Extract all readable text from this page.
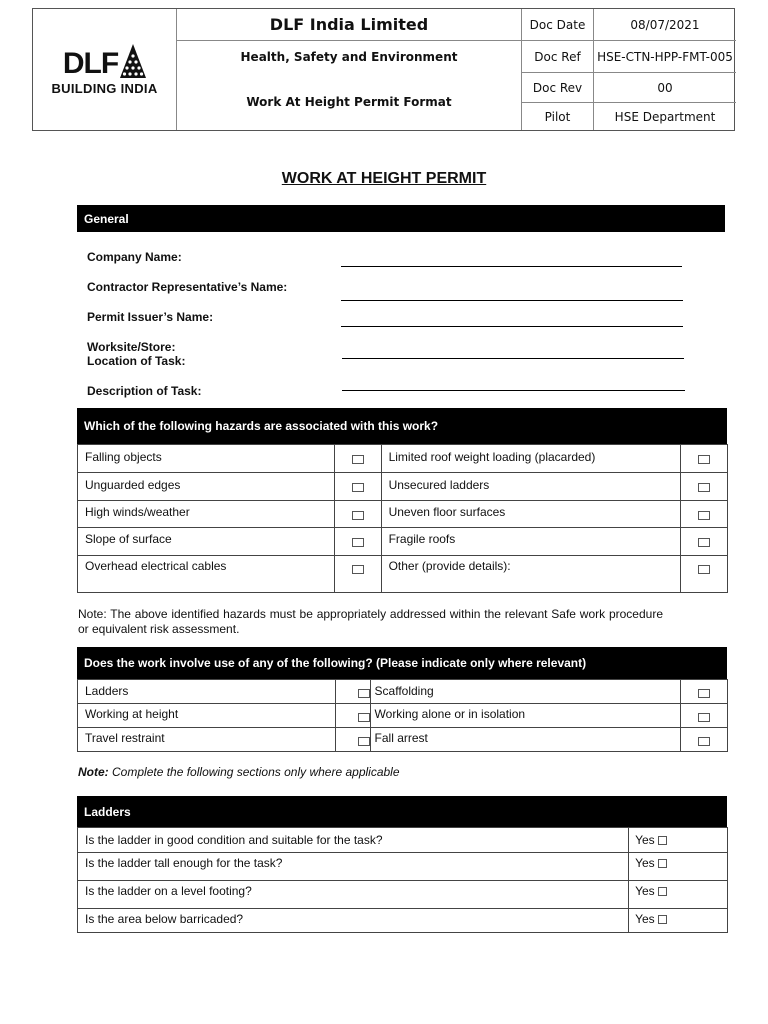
DLF
BUILDING INDIA
DLF India Limited
Health, Safety and Environment
Work At Height Permit Format
Doc Date	08/07/2021
Doc Ref	HSE-CTN-HPP-FMT-005
Doc Rev	00
Pilot	HSE Department
WORK AT HEIGHT PERMIT
General
Company Name:
Contractor Representative’s Name:
Permit Issuer’s Name:
Worksite/Store:
Location of Task:
Description of Task:
Which of the following hazards are associated with this work?
Falling objects		Limited roof weight loading (placarded)	
Unguarded edges		Unsecured ladders	
High winds/weather		Uneven floor surfaces	
Slope of surface		Fragile roofs	
Overhead electrical cables		Other (provide details):	
Note: The above identified hazards must be appropriately addressed within the relevant Safe work procedure or equivalent risk assessment.
Does the work involve use of any of the following? (Please indicate only where relevant)
Ladders		Scaffolding	
Working at height		Working alone or in isolation	
Travel restraint		Fall arrest	
Note: Complete the following sections only where applicable
Ladders
Is the ladder in good condition and suitable for the task?	Yes
Is the ladder tall enough for the task?	Yes
Is the ladder on a level footing?	Yes
Is the area below barricaded?	Yes
